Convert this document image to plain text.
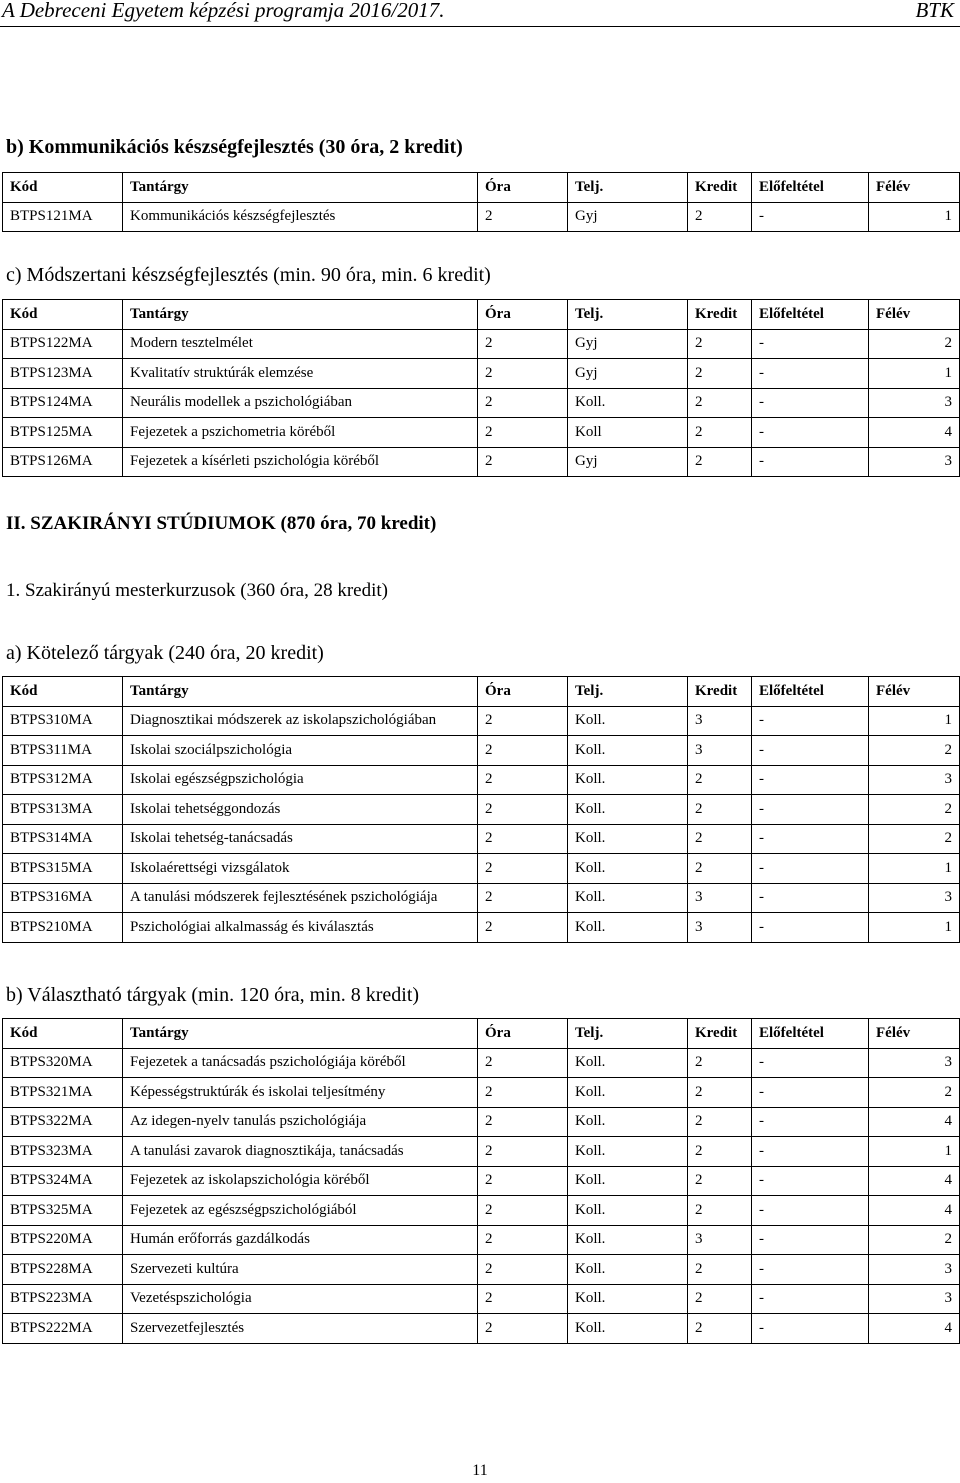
A Debreceni Egyetem képzési programja 2016/2017.	BTK
b) Kommunikációs készségfejlesztés (30 óra, 2 kredit)
Kód	Tantárgy	Óra	Telj.	Kredit	Előfeltétel	Félév
BTPS121MA	Kommunikációs készségfejlesztés	2	Gyj	2	-	1
c) Módszertani készségfejlesztés (min. 90 óra, min. 6 kredit)
Kód	Tantárgy	Óra	Telj.	Kredit	Előfeltétel	Félév
BTPS122MA	Modern tesztelmélet	2	Gyj	2	-	2
BTPS123MA	Kvalitatív struktúrák elemzése	2	Gyj	2	-	1
BTPS124MA	Neurális modellek a pszichológiában	2	Koll.	2	-	3
BTPS125MA	Fejezetek a pszichometria köréből	2	Koll	2	-	4
BTPS126MA	Fejezetek a kísérleti pszichológia köréből	2	Gyj	2	-	3
II. SZAKIRÁNYI STÚDIUMOK (870 óra, 70 kredit)
1. Szakirányú mesterkurzusok (360 óra, 28 kredit)
a) Kötelező tárgyak (240 óra, 20 kredit)
Kód	Tantárgy	Óra	Telj.	Kredit	Előfeltétel	Félév
BTPS310MA	Diagnosztikai módszerek az iskolapszichológiában	2	Koll.	3	-	1
BTPS311MA	Iskolai szociálpszichológia	2	Koll.	3	-	2
BTPS312MA	Iskolai egészségpszichológia	2	Koll.	2	-	3
BTPS313MA	Iskolai tehetséggondozás	2	Koll.	2	-	2
BTPS314MA	Iskolai tehetség-tanácsadás	2	Koll.	2	-	2
BTPS315MA	Iskolaérettségi vizsgálatok	2	Koll.	2	-	1
BTPS316MA	A tanulási módszerek fejlesztésének pszichológiája	2	Koll.	3	-	3
BTPS210MA	Pszichológiai alkalmasság és kiválasztás	2	Koll.	3	-	1
b) Választható tárgyak (min. 120 óra, min. 8 kredit)
Kód	Tantárgy	Óra	Telj.	Kredit	Előfeltétel	Félév
BTPS320MA	Fejezetek a tanácsadás pszichológiája köréből	2	Koll.	2	-	3
BTPS321MA	Képességstruktúrák és iskolai teljesítmény	2	Koll.	2	-	2
BTPS322MA	Az idegen-nyelv tanulás pszichológiája	2	Koll.	2	-	4
BTPS323MA	A tanulási zavarok diagnosztikája, tanácsadás	2	Koll.	2	-	1
BTPS324MA	Fejezetek az iskolapszichológia köréből	2	Koll.	2	-	4
BTPS325MA	Fejezetek az egészségpszichológiából	2	Koll.	2	-	4
BTPS220MA	Humán erőforrás gazdálkodás	2	Koll.	3	-	2
BTPS228MA	Szervezeti kultúra	2	Koll.	2	-	3
BTPS223MA	Vezetéspszichológia	2	Koll.	2	-	3
BTPS222MA	Szervezetfejlesztés	2	Koll.	2	-	4
11
